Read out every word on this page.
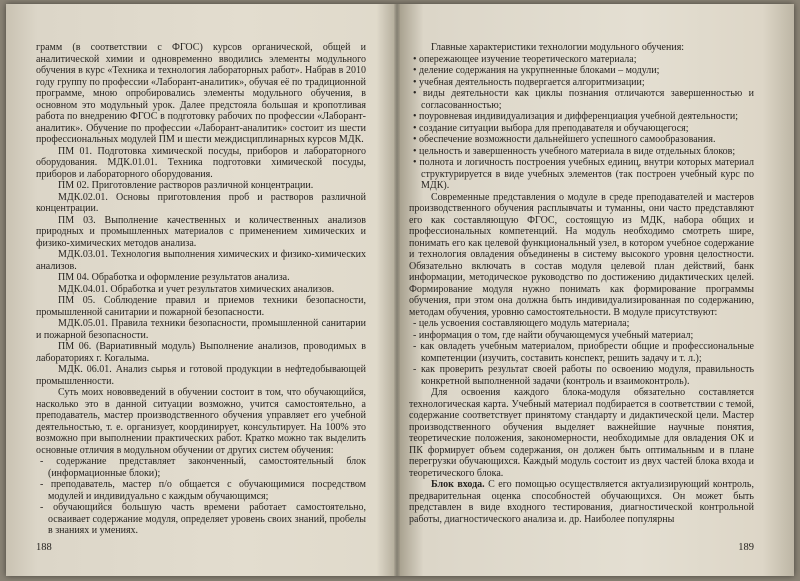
грамм (в соответствии с ФГОС) курсов органической, общей и аналитической химии и одновременно вводились элементы модульного обучения в курс «Техника и технология лабораторных работ». Набрав в 2010 году группу по профессии «Лаборант-аналитик», обучая её по традиционной программе, мною опробировались элементы модульного обучения, в основном это модульный урок. Далее предстояла большая и кропотливая работа по внедрению ФГОС в подготовку рабочих по профессии «Лаборант-аналитик». Обучение по профессии «Лаборант-аналитик» состоит из шести профессиональных модулей ПМ и шести междисциплинарных курсов МДК.

ПМ 01. Подготовка химической посуды, приборов и лабораторного оборудования. МДК.01.01. Техника подготовки химической посуды, приборов и лабораторного оборудования.

ПМ 02. Приготовление растворов различной концентрации.

МДК.02.01. Основы приготовления проб и растворов различной концентрации.

ПМ 03. Выполнение качественных и количественных анализов природных и промышленных материалов с применением химических и физико-химических методов анализа.

МДК.03.01. Технология выполнения химических и физико-химических анализов.

ПМ 04. Обработка и оформление результатов анализа.

МДК.04.01. Обработка и учет результатов химических анализов.

ПМ 05. Соблюдение правил и приемов техники безопасности, промышленной санитарии и пожарной безопасности.

МДК.05.01. Правила техники безопасности, промышленной санитарии и пожарной безопасности.

ПМ 06. (Вариативный модуль) Выполнение анализов, проводимых в лабораториях г. Когалыма.

МДК. 06.01. Анализ сырья и готовой продукции в нефтедобывающей промышленности.

Суть моих нововведений в обучении состоит в том, что обучающийся, насколько это в данной ситуации возможно, учится самостоятельно, а преподаватель, мастер производственного обучения управляет его учебной деятельностью, т. е. организует, координирует, консультирует. На 100% это возможно при выполнении практических работ. Кратко можно так выделить основные отличия в модульном обучении от других систем обучения:

- содержание представляет законченный, самостоятельный блок (информационные блоки);

- преподаватель, мастер п/о общается с обучающимися посредством модулей и индивидуально с каждым обучающимся;

- обучающийся большую часть времени работает самостоятельно, осваивает содержание модуля, определяет уровень своих знаний, пробелы в знаниях и умениях.

188

Главные характеристики технологии модульного обучения:

• опережающее изучение теоретического материала;

• деление содержания на укрупненные блоками – модули;

• учебная деятельность подвергается алгоритмизации;

• виды деятельности как циклы познания отличаются завершенностью и согласованностью;

• поуровневая индивидуализация и дифференциация учебной деятельности;

• создание ситуации выбора для преподавателя и обучающегося;

• обеспечение возможности дальнейшего успешного самообразования.

• цельность и завершенность учебного материала в виде отдельных блоков;

• полнота и логичность построения учебных единиц, внутри которых материал структурируется в виде учебных элементов (так построен учебный курс по МДК).

Современные представления о модуле в среде преподавателей и мастеров производственного обучения расплывчаты и туманны, они часто представляют его как составляющую ФГОС, состоящую из МДК, набора общих и профессиональных компетенций. На модуль необходимо смотреть шире, понимать его как целевой функциональный узел, в котором учебное содержание и технология овладения объединены в систему высокого уровня целостности. Обязательно включать в состав модуля целевой план действий, банк информации, методическое руководство по достижению дидактических целей. Формирование модуля нужно понимать как формирование программы обучения, при этом она должна быть индивидуализированная по содержанию, методам обучения, уровню самостоятельности. В модуле присутствуют:

- цель усвоения составляющего модуль материала;

- информация о том, где найти обучающемуся учебный материал;

- как овладеть учебным материалом, приобрести общие и профессиональные компетенции (изучить, составить конспект, решить задачу и т. л.);

- как проверить результат своей работы по освоению модуля, правильность конкретной выполненной задачи (контроль и взаимоконтроль).

Для освоения каждого блока-модуля обязательно составляется технологическая карта. Учебный материал подбирается в соответствии с темой, содержание соответствует принятому стандарту и дидактической цели. Мастер производственного обучения выделяет важнейшие научные понятия, теоретические положения, закономерности, необходимые для овладения ОК и ПК формирует объем содержания, он должен быть оптимальным и в плане перегрузки обучающихся. Каждый модуль состоит из двух частей блока входа и теоретического блока.

Блок входа. С его помощью осуществляется актуализирующий контроль, предварительная оценка способностей обучающихся. Он может быть представлен в виде входного тестирования, диагностической контрольной работы, диагностического анализа и. др. Наиболее популярны

189
